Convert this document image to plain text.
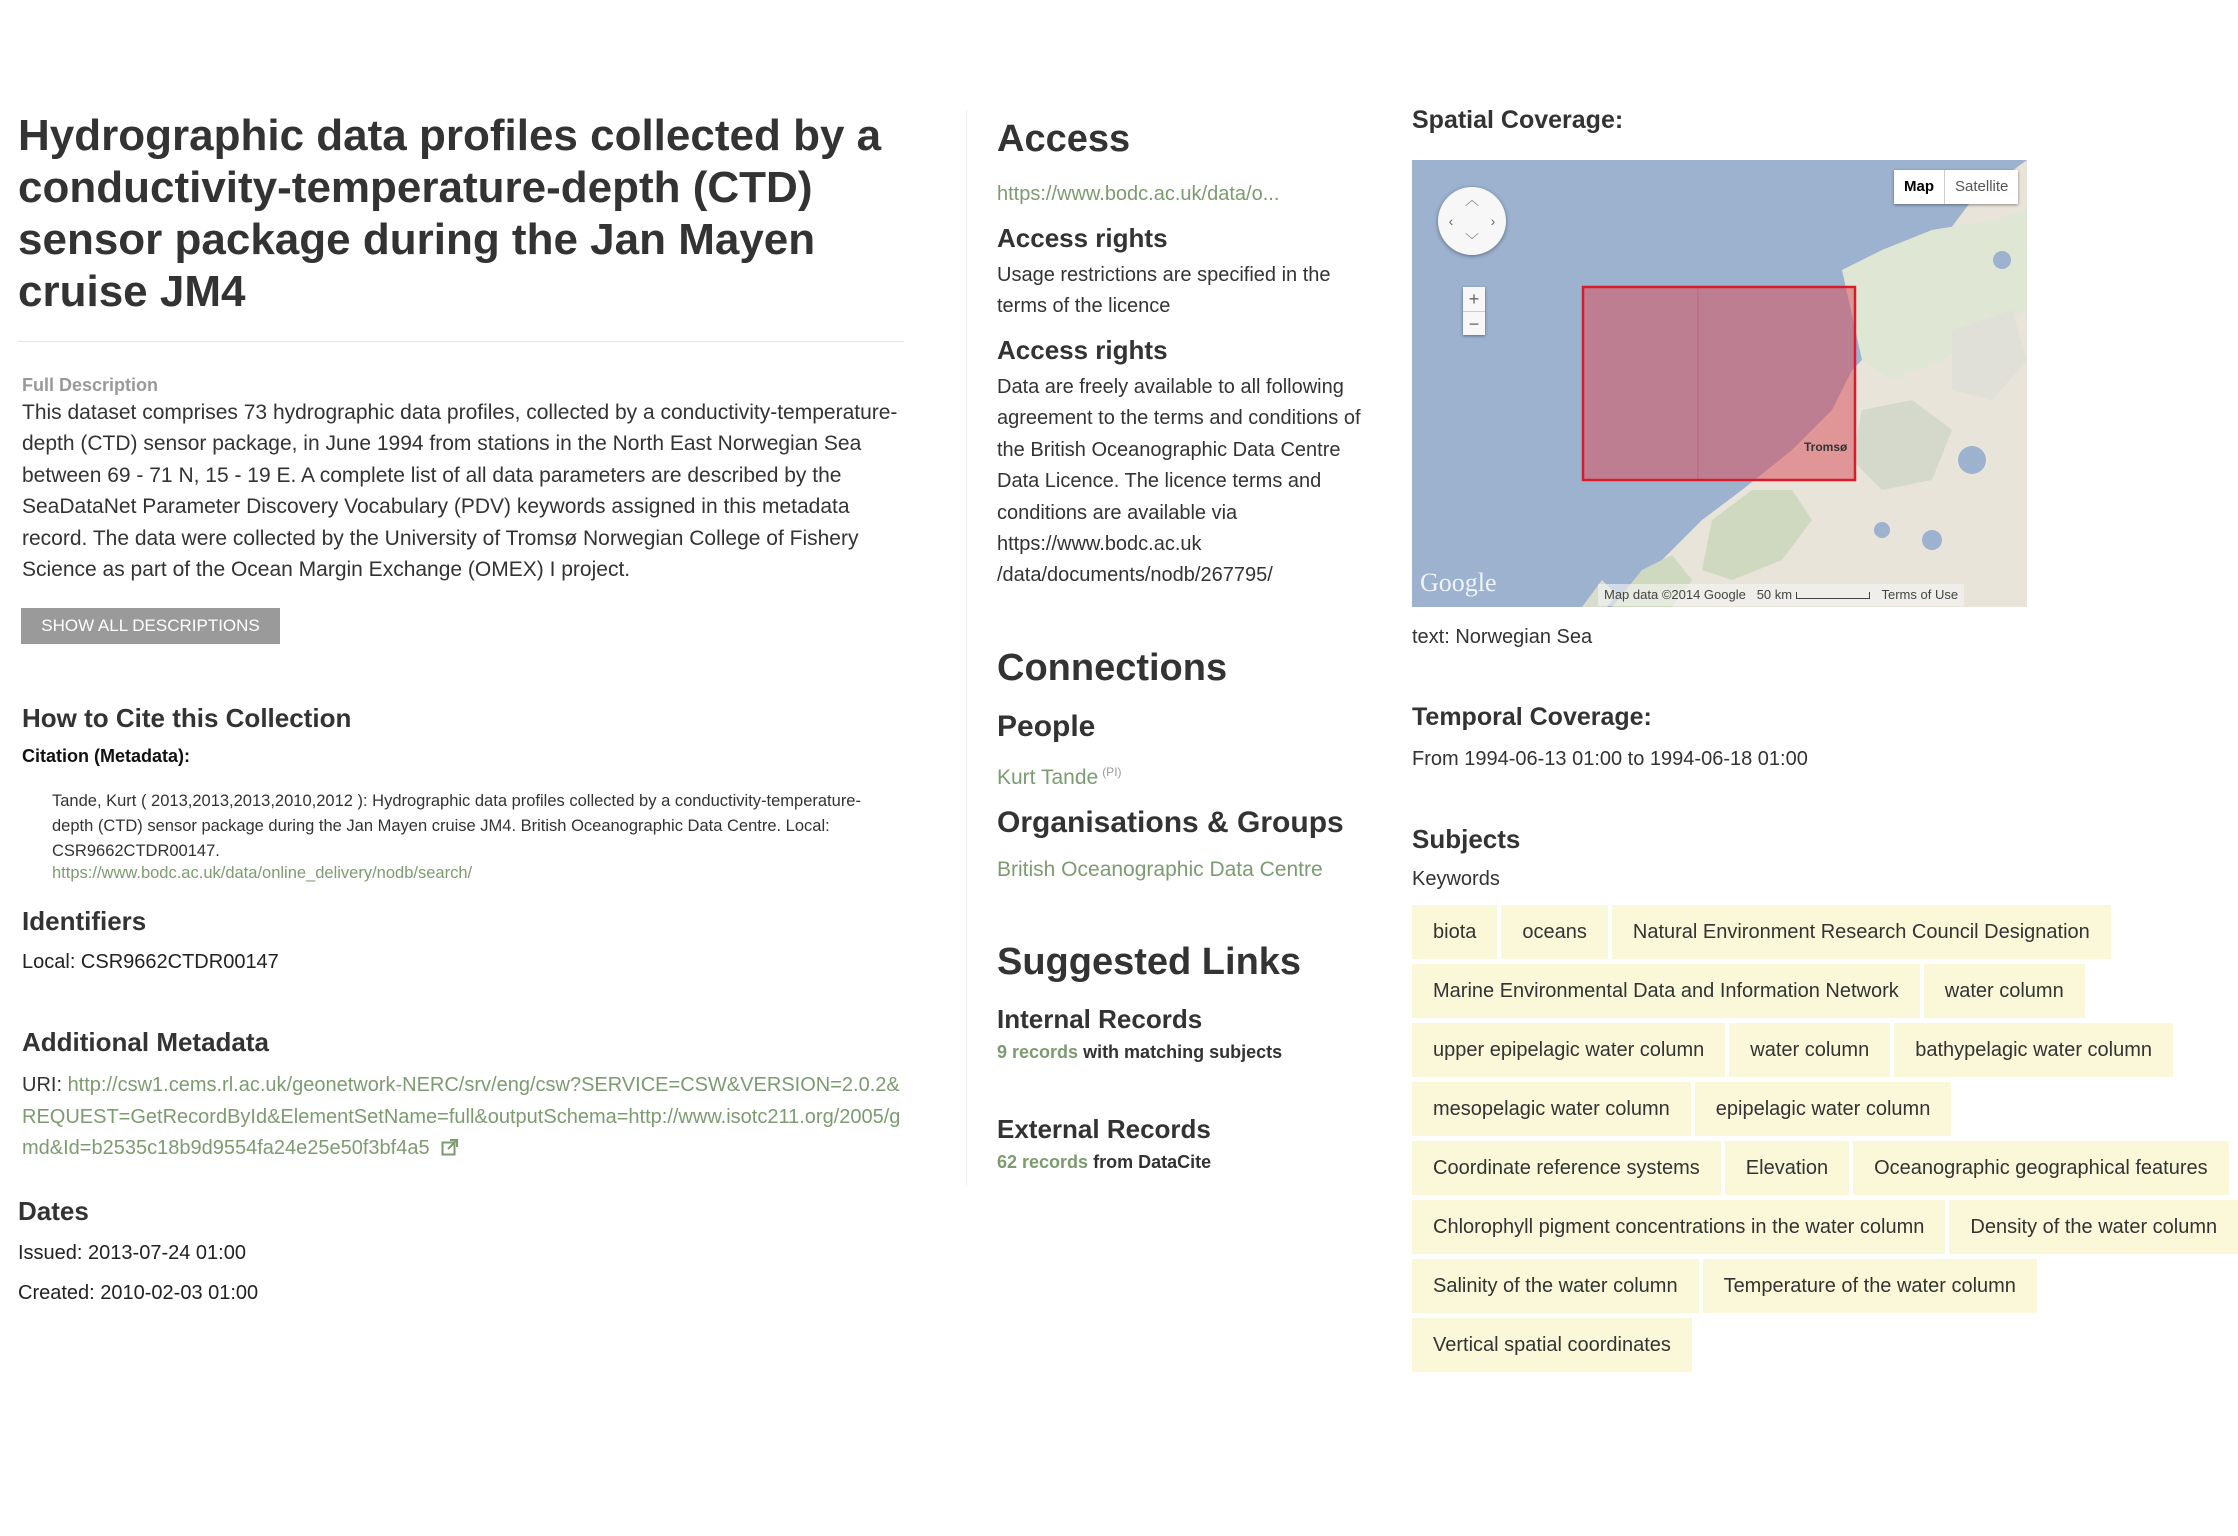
Hydrographic data profiles collected by a conductivity-temperature-depth (CTD) sensor package during the Jan Mayen cruise JM4
Full Description
This dataset comprises 73 hydrographic data profiles, collected by a conductivity-temperature-depth (CTD) sensor package, in June 1994 from stations in the North East Norwegian Sea between 69 - 71 N, 15 - 19 E. A complete list of all data parameters are described by the SeaDataNet Parameter Discovery Vocabulary (PDV) keywords assigned in this metadata record. The data were collected by the University of Tromsø Norwegian College of Fishery Science as part of the Ocean Margin Exchange (OMEX) I project.
SHOW ALL DESCRIPTIONS
How to Cite this Collection
Citation (Metadata):
Tande, Kurt ( 2013,2013,2013,2010,2012 ): Hydrographic data profiles collected by a conductivity-temperature-depth (CTD) sensor package during the Jan Mayen cruise JM4. British Oceanographic Data Centre. Local: CSR9662CTDR00147.
https://www.bodc.ac.uk/data/online_delivery/nodb/search/
Identifiers
Local: CSR9662CTDR00147
Additional Metadata
URI: http://csw1.cems.rl.ac.uk/geonetwork-NERC/srv/eng/csw?SERVICE=CSW&VERSION=2.0.2&REQUEST=GetRecordById&ElementSetName=full&outputSchema=http://www.isotc211.org/2005/gmd&Id=b2535c18b9d9554fa24e25e50f3bf4a5
Dates
Issued: 2013-07-24 01:00
Created: 2010-02-03 01:00
Access
https://www.bodc.ac.uk/data/o...
Access rights
Usage restrictions are specified in the terms of the licence
Access rights
Data are freely available to all following agreement to the terms and conditions of the British Oceanographic Data Centre Data Licence. The licence terms and conditions are available via https://www.bodc.ac.uk /data/documents/nodb/267795/
Connections
People
Kurt Tande $^{(PI)}$
Organisations & Groups
British Oceanographic Data Centre
Suggested Links
Internal Records
9 records with matching subjects
External Records
62 records from DataCite
Spatial Coverage:
Tromsø
Map	Satellite
︿
﹀
‹	›
+
−
Google	Map data ©2014 Google 50 km	Terms of Use
text: Norwegian Sea
Temporal Coverage:
From 1994-06-13 01:00 to 1994-06-18 01:00
Subjects
Keywords
biota	oceans	Natural Environment Research Council Designation
Marine Environmental Data and Information Network	water column
upper epipelagic water column	water column	bathypelagic water column
mesopelagic water column	epipelagic water column
Coordinate reference systems	Elevation	Oceanographic geographical features
Chlorophyll pigment concentrations in the water column	Density of the water column
Salinity of the water column	Temperature of the water column
Vertical spatial coordinates
